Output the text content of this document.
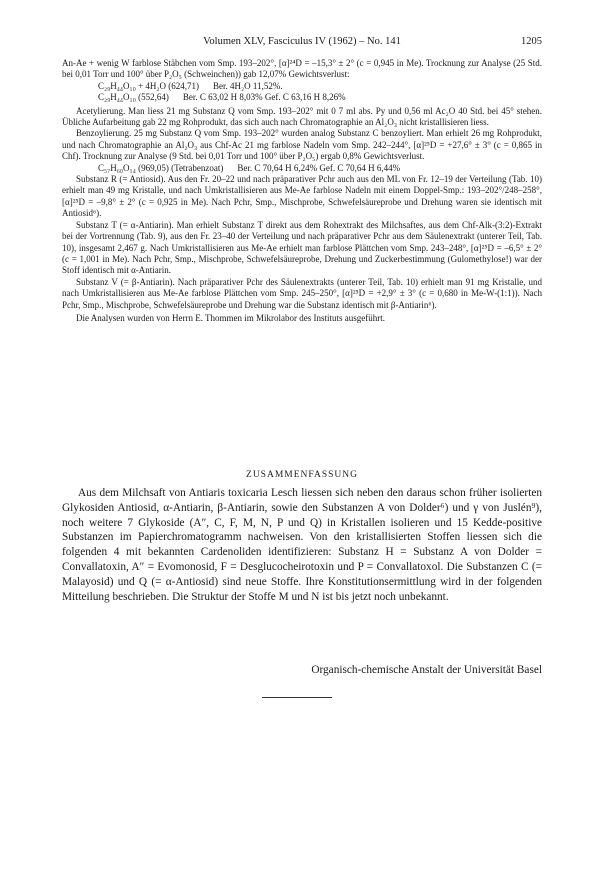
Volumen XLV, Fasciculus IV (1962) – No. 141	1205

An-Ae + wenig W farblose Stäbchen vom Smp. 193–202°, [α]²⁴D = –15,3° ± 2° (c = 0,945 in Me). Trocknung zur Analyse (25 Std. bei 0,01 Torr und 100° über P₂O₅ (Schweinchen)) gab 12,07% Gewichtsverlust:

C₂₉H₄₄O₁₀ + 4H₂O (624,71) Ber. 4H₂O 11,52%.

C₂₉H₄₄O₁₀ (552,64) Ber. C 63,02 H 8,03% Gef. C 63,16 H 8,26%

Acetylierung. Man liess 21 mg Substanz Q vom Smp. 193–202° mit 0 7 ml abs. Py und 0,56 ml Ac₂O 40 Std. bei 45° stehen. Übliche Aufarbeitung gab 22 mg Rohprodukt, das sich auch nach Chromatographie an Al₂O₃ nicht kristallisieren liess.

Benzoylierung. 25 mg Substanz Q vom Smp. 193–202° wurden analog Substanz C benzoyliert. Man erhielt 26 mg Rohprodukt, und nach Chromatographie an Al₂O₃ aus Chf-Ac 21 mg farblose Nadeln vom Smp. 242–244°, [α]²⁵D = +27,6° ± 3° (c = 0,865 in Chf). Trocknung zur Analyse (9 Std. bei 0,01 Torr und 100° über P₂O₅) ergab 0,8% Gewichtsverlust.

C₅₇H₆₀O₁₄ (969,05) (Tetrabenzoat) Ber. C 70,64 H 6,24% Gef. C 70,64 H 6,44%

Substanz R (= Antiosid). Aus den Fr. 20–22 und nach präparativer Pchr auch aus den ML von Fr. 12–19 der Verteilung (Tab. 10) erhielt man 49 mg Kristalle, und nach Umkristallisieren aus Me-Ae farblose Nadeln mit einem Doppel-Smp.: 193–202°/248–258°, [α]²⁵D = –9,8° ± 2° (c = 0,925 in Me). Nach Pchr, Smp., Mischprobe, Schwefelsäureprobe und Drehung waren sie identisch mit Antiosid⁶).

Substanz T (= α-Antiarin). Man erhielt Substanz T direkt aus dem Rohextrakt des Milchsaftes, aus dem Chf-Alk-(3:2)-Extrakt bei der Vortrennung (Tab. 9), aus den Fr. 23–40 der Verteilung und nach präparativer Pchr aus dem Säulenextrakt (unterer Teil, Tab. 10), insgesamt 2,467 g. Nach Umkristallisieren aus Me-Ae erhielt man farblose Plättchen vom Smp. 243–248°, [α]²⁵D = –6,5° ± 2° (c = 1,001 in Me). Nach Pchr, Smp., Mischprobe, Schwefelsäureprobe, Drehung und Zuckerbestimmung (Gulomethylose!) war der Stoff identisch mit α-Antiarin.

Substanz V (= β-Antiarin). Nach präparativer Pchr des Säulenextrakts (unterer Teil, Tab. 10) erhielt man 91 mg Kristalle, und nach Umkristallisieren aus Me-Ae farblose Plättchen vom Smp. 245–250°, [α]²⁵D = +2,9° ± 3° (c = 0,680 in Me-W-(1:1)). Nach Pchr, Smp., Mischprobe, Schwefelsäureprobe und Drehung war die Substanz identisch mit β-Antiarin⁶).

Die Analysen wurden von Herrn E. Thommen im Mikrolabor des Instituts ausgeführt.

ZUSAMMENFASSUNG

Aus dem Milchsaft von Antiaris toxicaria Lesch liessen sich neben den daraus schon früher isolierten Glykosiden Antiosid, α-Antiarin, β-Antiarin, sowie den Substanzen A von Dolder⁶) und γ von Juslén⁹), noch weitere 7 Glykoside (A″, C, F, M, N, P und Q) in Kristallen isolieren und 15 Kedde-positive Substanzen im Papierchromatogramm nachweisen. Von den kristallisierten Stoffen liessen sich die folgenden 4 mit bekannten Cardenoliden identifizieren: Substanz H = Substanz A von Dolder = Convallatoxin, A″ = Evomonosid, F = Desglucocheirotoxin und P = Convallatoxol. Die Substanzen C (= Malayosid) und Q (= α-Antiosid) sind neue Stoffe. Ihre Konstitutionsermittlung wird in der folgenden Mitteilung beschrieben. Die Struktur der Stoffe M und N ist bis jetzt noch unbekannt.

Organisch-chemische Anstalt der Universität Basel
